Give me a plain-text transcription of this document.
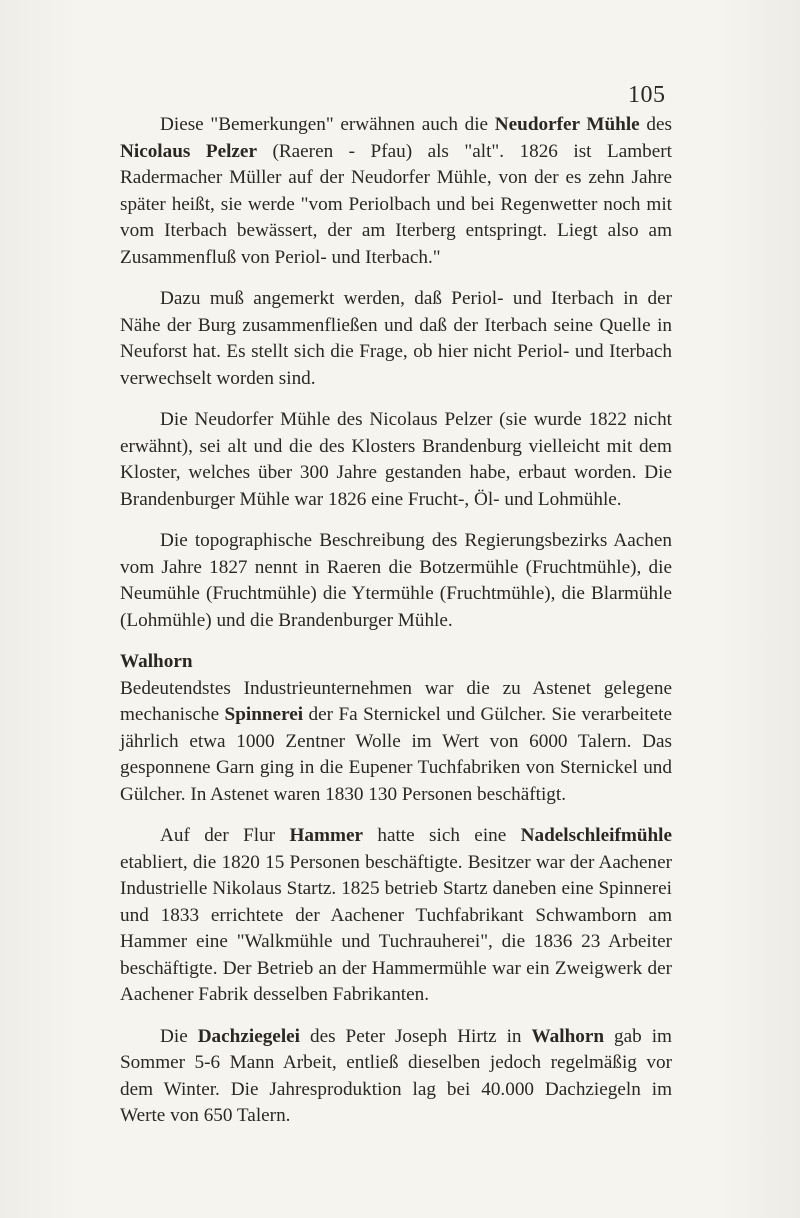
105

Diese "Bemerkungen" erwähnen auch die Neudorfer Mühle des Nicolaus Pelzer (Raeren - Pfau) als "alt". 1826 ist Lambert Radermacher Müller auf der Neudorfer Mühle, von der es zehn Jahre später heißt, sie werde "vom Periolbach und bei Regenwetter noch mit vom Iterbach bewässert, der am Iterberg entspringt. Liegt also am Zusammenfluß von Periol- und Iterbach."

Dazu muß angemerkt werden, daß Periol- und Iterbach in der Nähe der Burg zusammenfließen und daß der Iterbach seine Quelle in Neuforst hat. Es stellt sich die Frage, ob hier nicht Periol- und Iterbach verwechselt worden sind.

Die Neudorfer Mühle des Nicolaus Pelzer (sie wurde 1822 nicht erwähnt), sei alt und die des Klosters Brandenburg vielleicht mit dem Kloster, welches über 300 Jahre gestanden habe, erbaut worden. Die Brandenburger Mühle war 1826 eine Frucht-, Öl- und Lohmühle.

Die topographische Beschreibung des Regierungsbezirks Aachen vom Jahre 1827 nennt in Raeren die Botzermühle (Fruchtmühle), die Neumühle (Fruchtmühle) die Ytermühle (Fruchtmühle), die Blarmühle (Lohmühle) und die Brandenburger Mühle.

Walhorn

Bedeutendstes Industrieunternehmen war die zu Astenet gelegene mechanische Spinnerei der Fa Sternickel und Gülcher. Sie verarbeitete jährlich etwa 1000 Zentner Wolle im Wert von 6000 Talern. Das gesponnene Garn ging in die Eupener Tuchfabriken von Sternickel und Gülcher. In Astenet waren 1830 130 Personen beschäftigt.

Auf der Flur Hammer hatte sich eine Nadelschleifmühle etabliert, die 1820 15 Personen beschäftigte. Besitzer war der Aachener Industrielle Nikolaus Startz. 1825 betrieb Startz daneben eine Spinnerei und 1833 errichtete der Aachener Tuchfabrikant Schwamborn am Hammer eine "Walkmühle und Tuchrauherei", die 1836 23 Arbeiter beschäftigte. Der Betrieb an der Hammermühle war ein Zweigwerk der Aachener Fabrik desselben Fabrikanten.

Die Dachziegelei des Peter Joseph Hirtz in Walhorn gab im Sommer 5-6 Mann Arbeit, entließ dieselben jedoch regelmäßig vor dem Winter. Die Jahresproduktion lag bei 40.000 Dachziegeln im Werte von 650 Talern.
